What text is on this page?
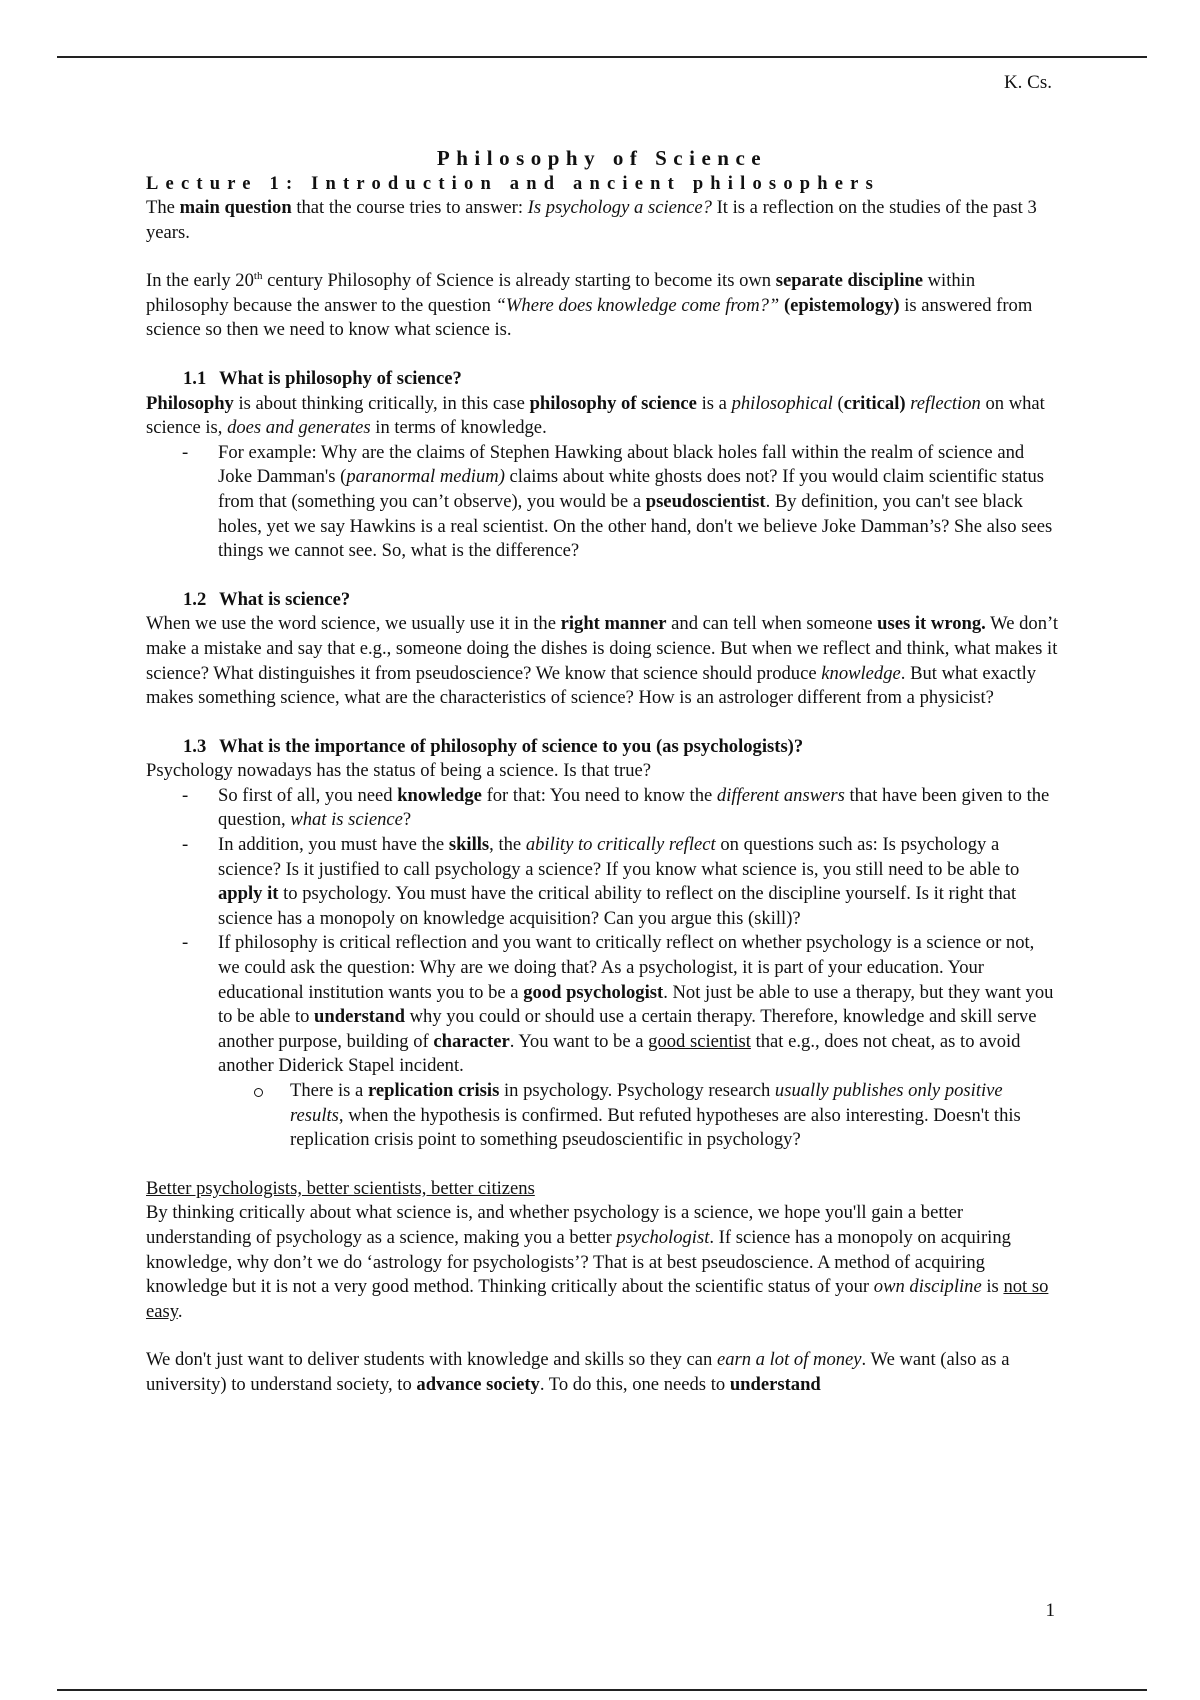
K. Cs.

Philosophy of Science

Lecture 1: Introduction and ancient philosophers

The main question that the course tries to answer: Is psychology a science? It is a reflection on the studies of the past 3 years.

In the early 20th century Philosophy of Science is already starting to become its own separate discipline within philosophy because the answer to the question “Where does knowledge come from?” (epistemology) is answered from science so then we need to know what science is.

1.1 What is philosophy of science?

Philosophy is about thinking critically, in this case philosophy of science is a philosophical (critical) reflection on what science is, does and generates in terms of knowledge.

- For example: Why are the claims of Stephen Hawking about black holes fall within the realm of science and Joke Damman's (paranormal medium) claims about white ghosts does not? If you would claim scientific status from that (something you can’t observe), you would be a pseudoscientist. By definition, you can't see black holes, yet we say Hawkins is a real scientist. On the other hand, don't we believe Joke Damman’s? She also sees things we cannot see. So, what is the difference?

1.2 What is science?

When we use the word science, we usually use it in the right manner and can tell when someone uses it wrong. We don’t make a mistake and say that e.g., someone doing the dishes is doing science. But when we reflect and think, what makes it science? What distinguishes it from pseudoscience? We know that science should produce knowledge. But what exactly makes something science, what are the characteristics of science? How is an astrologer different from a physicist?

1.3 What is the importance of philosophy of science to you (as psychologists)?

Psychology nowadays has the status of being a science. Is that true?

- So first of all, you need knowledge for that: You need to know the different answers that have been given to the question, what is science?
- In addition, you must have the skills, the ability to critically reflect on questions such as: Is psychology a science? Is it justified to call psychology a science? If you know what science is, you still need to be able to apply it to psychology. You must have the critical ability to reflect on the discipline yourself. Is it right that science has a monopoly on knowledge acquisition? Can you argue this (skill)?
- If philosophy is critical reflection and you want to critically reflect on whether psychology is a science or not, we could ask the question: Why are we doing that? As a psychologist, it is part of your education. Your educational institution wants you to be a good psychologist. Not just be able to use a therapy, but they want you to be able to understand why you could or should use a certain therapy. Therefore, knowledge and skill serve another purpose, building of character. You want to be a good scientist that e.g., does not cheat, as to avoid another Diderick Stapel incident.
There is a replication crisis in psychology. Psychology research usually publishes only positive results, when the hypothesis is confirmed. But refuted hypotheses are also interesting. Doesn't this replication crisis point to something pseudoscientific in psychology?

Better psychologists, better scientists, better citizens

By thinking critically about what science is, and whether psychology is a science, we hope you'll gain a better understanding of psychology as a science, making you a better psychologist. If science has a monopoly on acquiring knowledge, why don’t we do ‘astrology for psychologists’? That is at best pseudoscience. A method of acquiring knowledge but it is not a very good method. Thinking critically about the scientific status of your own discipline is not so easy.

We don't just want to deliver students with knowledge and skills so they can earn a lot of money. We want (also as a university) to understand society, to advance society. To do this, one needs to understand

1
